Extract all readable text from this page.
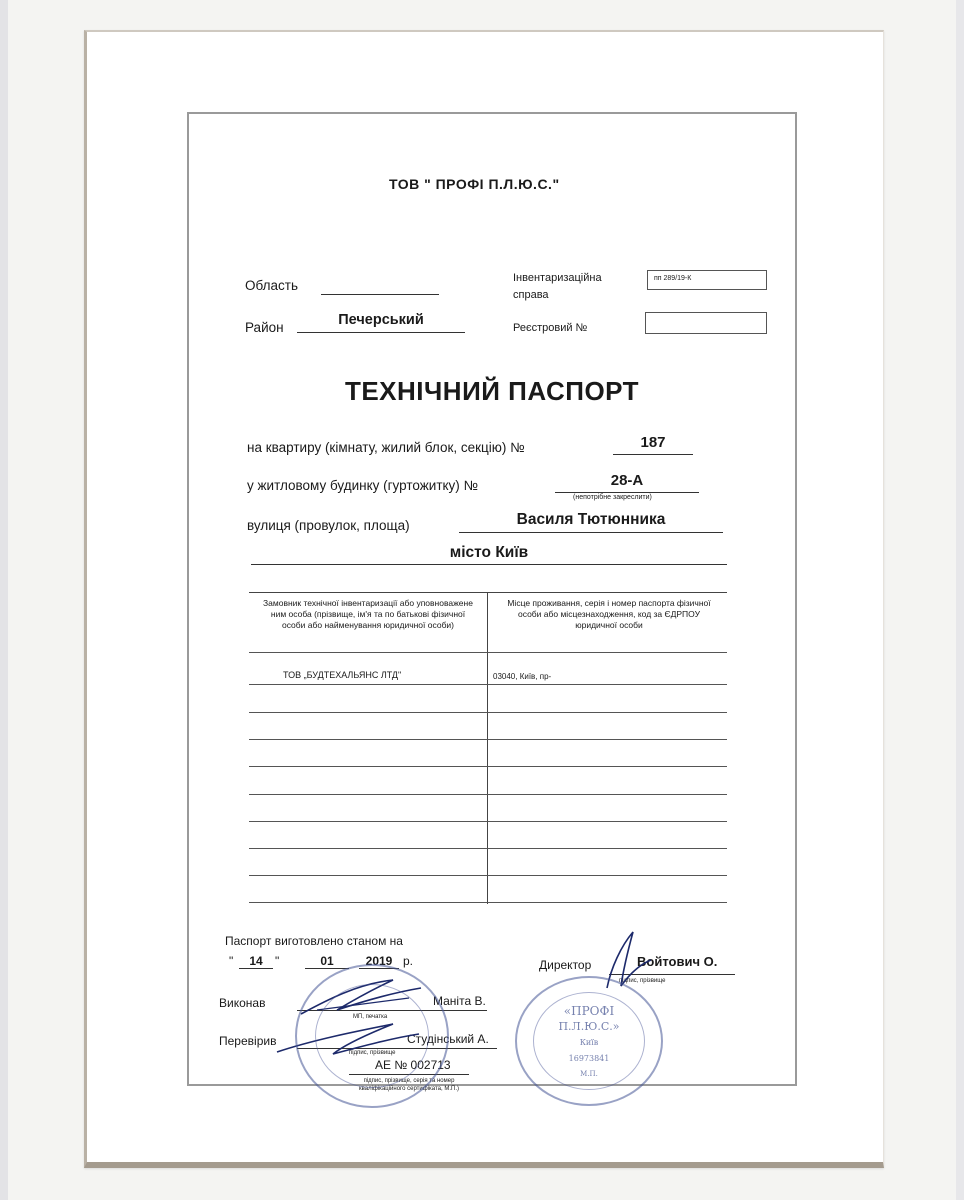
ТОВ " ПРОФІ П.Л.Ю.С."
Область
Район	Печерський
Інвентаризаційна
справа
пп 289/19-К
Реєстровий №
ТЕХНІЧНИЙ ПАСПОРТ
на квартиру (кімнату, жилий блок, секцію) №	187
у житловому будинку (гуртожитку) №	28-А
(непотрібне закреслити)
вулиця (провулок, площа)	Василя Тютюнника
місто Київ
Замовник технічної інвентаризації або уповноважене ним особа (прізвище, ім'я та по батькові фізичної особи або найменування юридичної особи)
Місце проживання, серія і номер паспорта фізичної особи або місцезнаходження, код за ЄДРПОУ юридичної особи
ТОВ „БУДТЕХАЛЬЯНС ЛТД"	03040, Київ, пр-
Паспорт виготовлено станом на
"	14	"	01	2019 р.	Директор	Войтович О.
підпис, прізвище
Виконав	Маніта В.
МП, печатка
Перевірив	Студінський А.
підпис, прізвище
АЕ № 002713
підпис, прізвище, серія та номер кваліфікаційного сертифіката, М.П.)
«ПРОФІ
П.Л.Ю.С.»
Київ
16973841
М.П.
